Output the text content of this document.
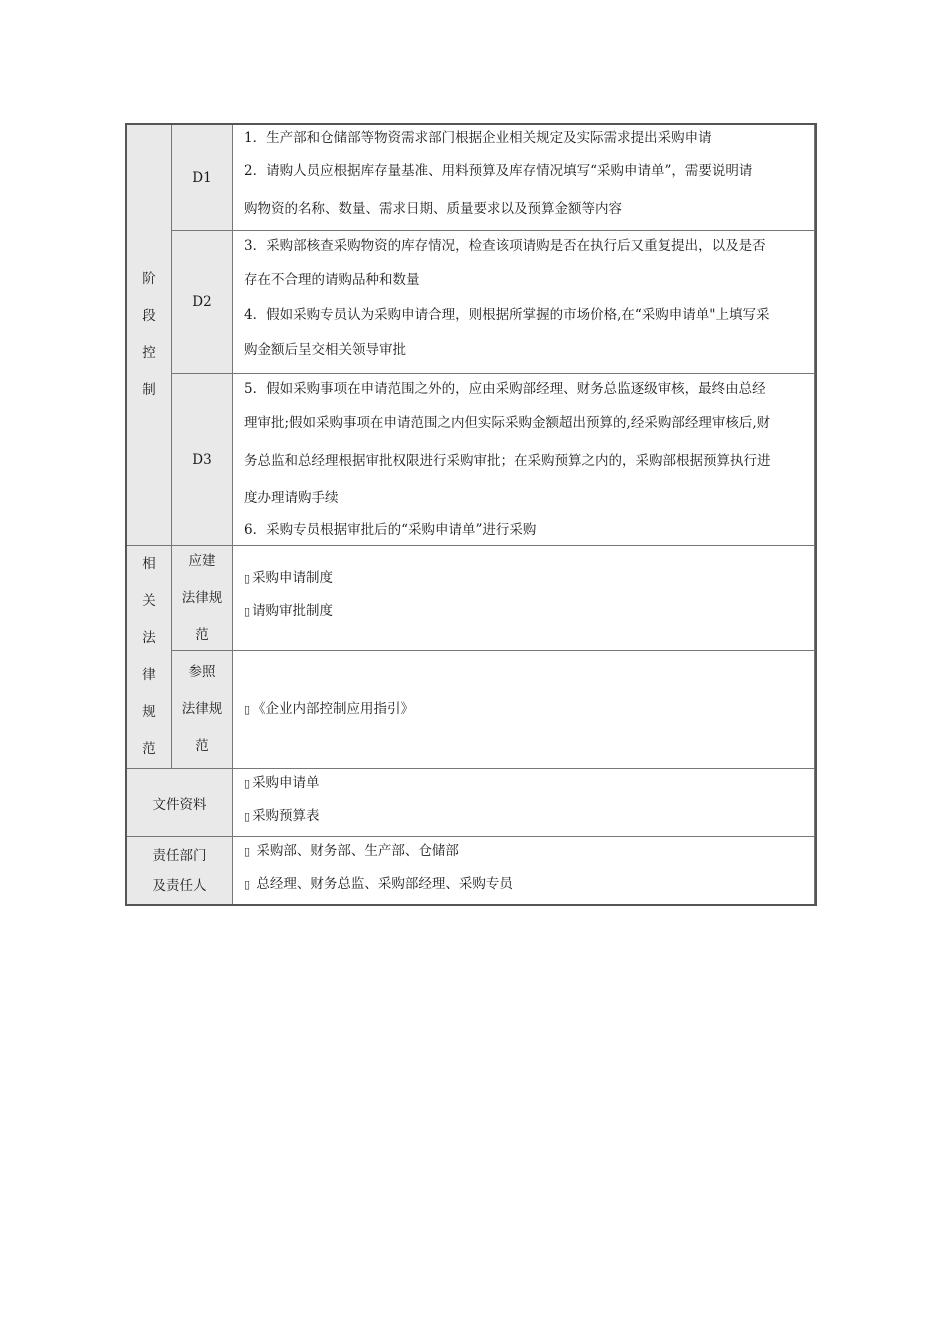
阶
段
控
制
D1
1．生产部和仓储部等物资需求部门根据企业相关规定及实际需求提出采购申请
2．请购人员应根据库存量基准、用料预算及库存情况填写“采购申请单”，需要说明请
购物资的名称、数量、需求日期、质量要求以及预算金额等内容
D2
3．采购部核查采购物资的库存情况，检查该项请购是否在执行后又重复提出，以及是否
存在不合理的请购品种和数量
4．假如采购专员认为采购申请合理，则根据所掌握的市场价格,在“采购申请单"上填写采
购金额后呈交相关领导审批
D3
5．假如采购事项在申请范围之外的，应由采购部经理、财务总监逐级审核，最终由总经
理审批;假如采购事项在申请范围之内但实际采购金额超出预算的,经采购部经理审核后,财
务总监和总经理根据审批权限进行采购审批；在采购预算之内的，采购部根据预算执行进
度办理请购手续
6．采购专员根据审批后的“采购申请单”进行采购
相
关
法
律
规
范
应建
法律规
范
▯ 采购申请制度
▯ 请购审批制度
参照
法律规
范
▯ 《企业内部控制应用指引》
文件资料
▯ 采购申请单
▯ 采购预算表
责任部门
及责任人
▯ 采购部、财务部、生产部、仓储部
▯ 总经理、财务总监、采购部经理、采购专员
